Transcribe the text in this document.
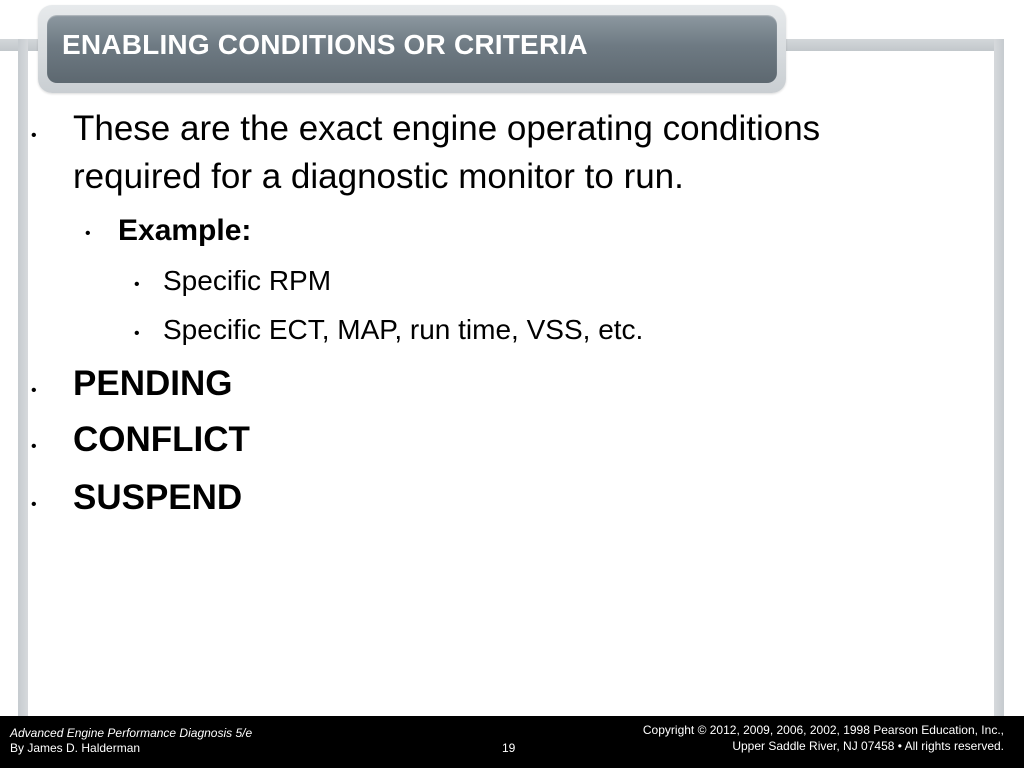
ENABLING CONDITIONS OR CRITERIA
• These are the exact engine operating conditions
required for a diagnostic monitor to run.
• Example:
• Specific RPM
• Specific ECT, MAP, run time, VSS, etc.
• PENDING
• CONFLICT
• SUSPEND
Advanced Engine Performance Diagnosis 5/e
By James D. Halderman	19
Copyright © 2012, 2009, 2006, 2002, 1998 Pearson Education, Inc.,
Upper Saddle River, NJ 07458 • All rights reserved.
